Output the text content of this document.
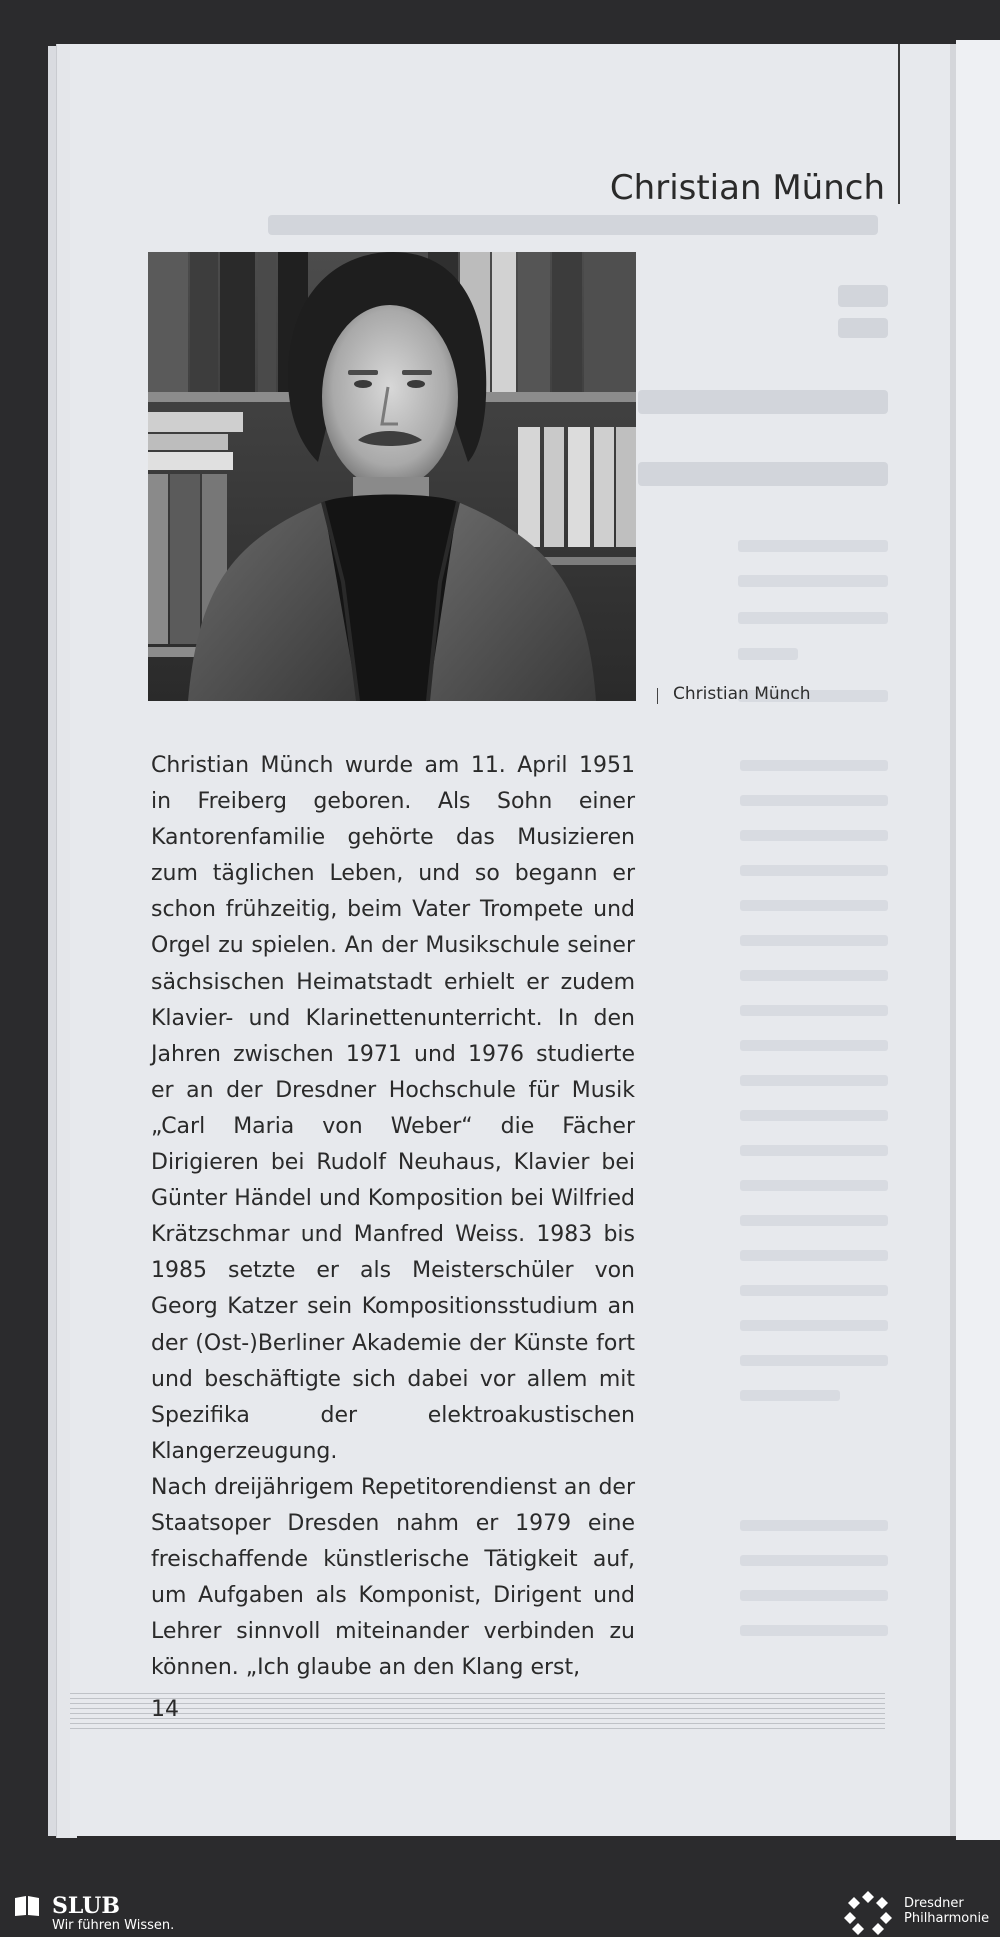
Christian Münch
Christian Münch

Christian Münch wurde am 11. April 1951 in Freiberg geboren. Als Sohn einer Kantorenfamilie gehörte das Musizieren zum täglichen Leben, und so begann er schon frühzeitig, beim Vater Trompete und Orgel zu spielen. An der Musikschule seiner sächsischen Heimatstadt erhielt er zudem Klavier- und Klarinettenunterricht. In den Jahren zwischen 1971 und 1976 studierte er an der Dresdner Hochschule für Musik „Carl Maria von Weber“ die Fächer Dirigieren bei Rudolf Neuhaus, Klavier bei Günter Händel und Komposition bei Wilfried Krätzschmar und Manfred Weiss. 1983 bis 1985 setzte er als Meisterschüler von Georg Katzer sein Kompositionsstudium an der (Ost-)Berliner Akademie der Künste fort und beschäftigte sich dabei vor allem mit Spezifika der elektroakustischen Klangerzeugung.

Nach dreijährigem Repetitorendienst an der Staatsoper Dresden nahm er 1979 eine freischaffende künstlerische Tätigkeit auf, um Aufgaben als Komponist, Dirigent und Lehrer sinnvoll miteinander verbinden zu können. „Ich glaube an den Klang erst,

14
SLUB
Wir führen Wissen.
Dresdner
Philharmonie
